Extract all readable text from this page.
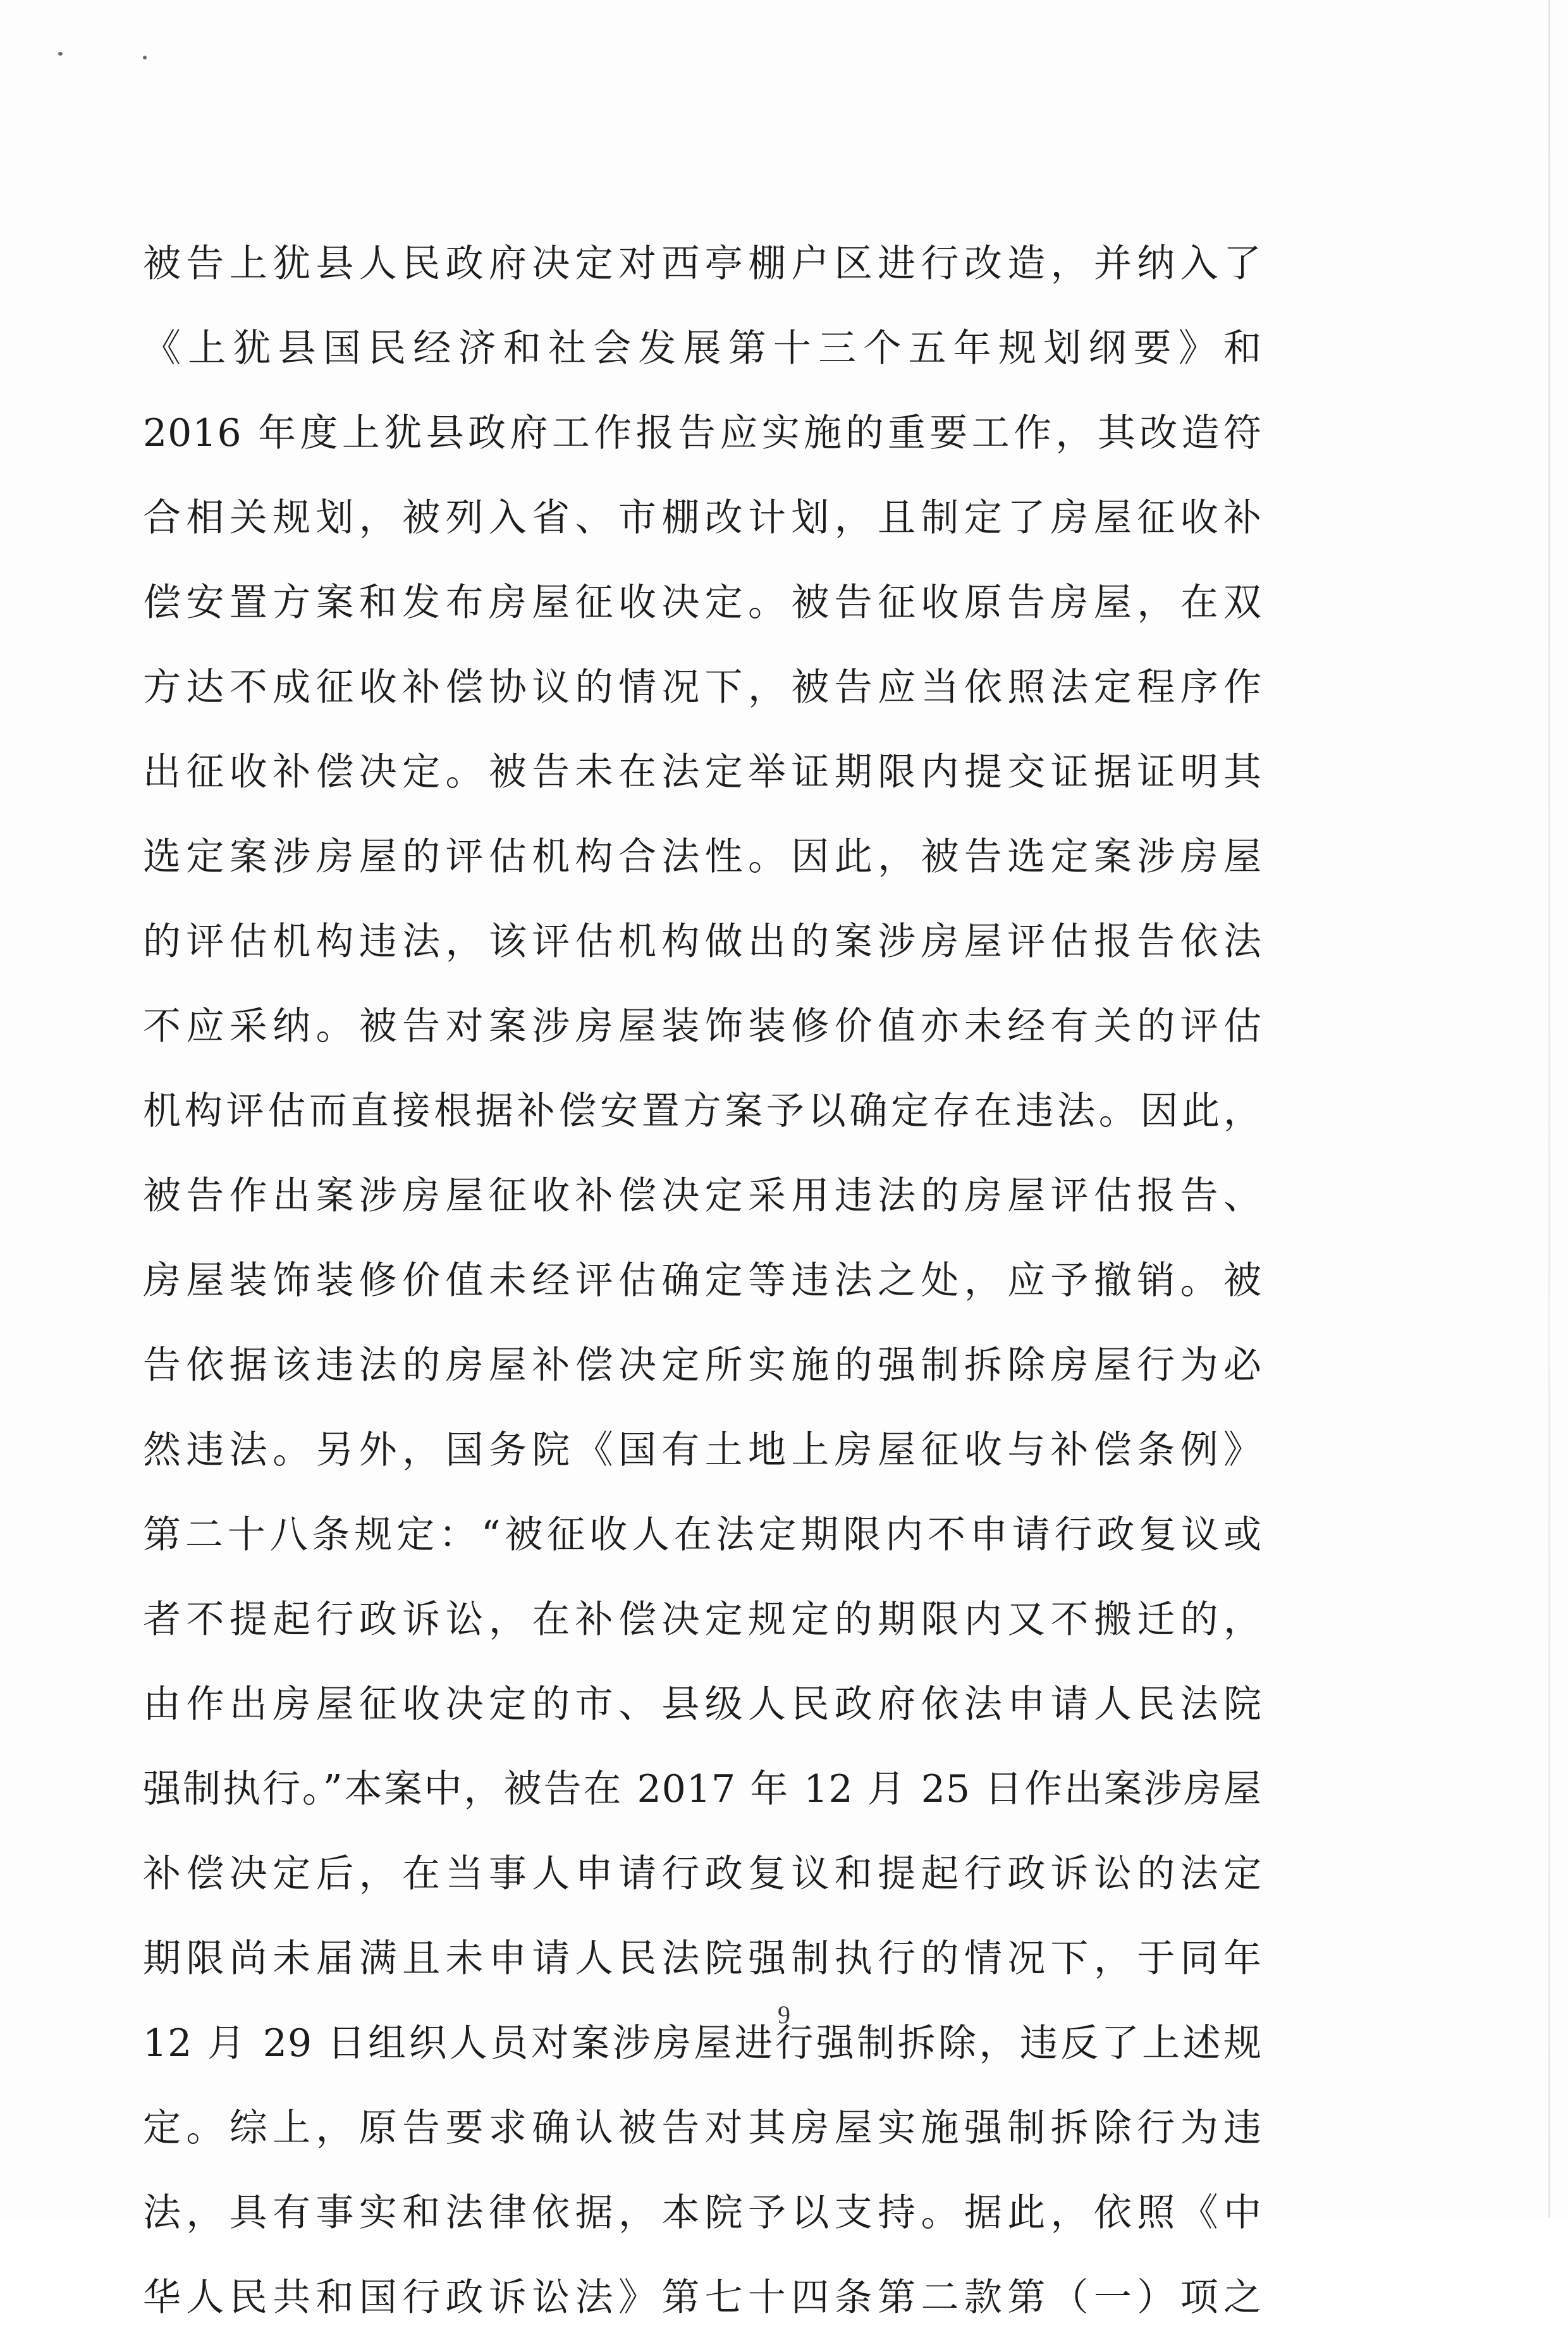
被告上犹县人民政府决定对西亭棚户区进行改造，并纳入了
《上犹县国民经济和社会发展第十三个五年规划纲要》和
2016 年度上犹县政府工作报告应实施的重要工作，其改造符
合相关规划，被列入省、市棚改计划，且制定了房屋征收补
偿安置方案和发布房屋征收决定。被告征收原告房屋，在双
方达不成征收补偿协议的情况下，被告应当依照法定程序作
出征收补偿决定。被告未在法定举证期限内提交证据证明其
选定案涉房屋的评估机构合法性。因此，被告选定案涉房屋
的评估机构违法，该评估机构做出的案涉房屋评估报告依法
不应采纳。被告对案涉房屋装饰装修价值亦未经有关的评估
机构评估而直接根据补偿安置方案予以确定存在违法。因此，
被告作出案涉房屋征收补偿决定采用违法的房屋评估报告、
房屋装饰装修价值未经评估确定等违法之处，应予撤销。被
告依据该违法的房屋补偿决定所实施的强制拆除房屋行为必
然违法。另外，国务院《国有土地上房屋征收与补偿条例》
第二十八条规定：“被征收人在法定期限内不申请行政复议或
者不提起行政诉讼，在补偿决定规定的期限内又不搬迁的，
由作出房屋征收决定的市、县级人民政府依法申请人民法院
强制执行。”本案中，被告在 2017 年 12 月 25 日作出案涉房屋
补偿决定后，在当事人申请行政复议和提起行政诉讼的法定
期限尚未届满且未申请人民法院强制执行的情况下，于同年
12 月 29 日组织人员对案涉房屋进行强制拆除，违反了上述规
定。综上，原告要求确认被告对其房屋实施强制拆除行为违
法，具有事实和法律依据，本院予以支持。据此，依照《中
华人民共和国行政诉讼法》第七十四条第二款第（一）项之
9
